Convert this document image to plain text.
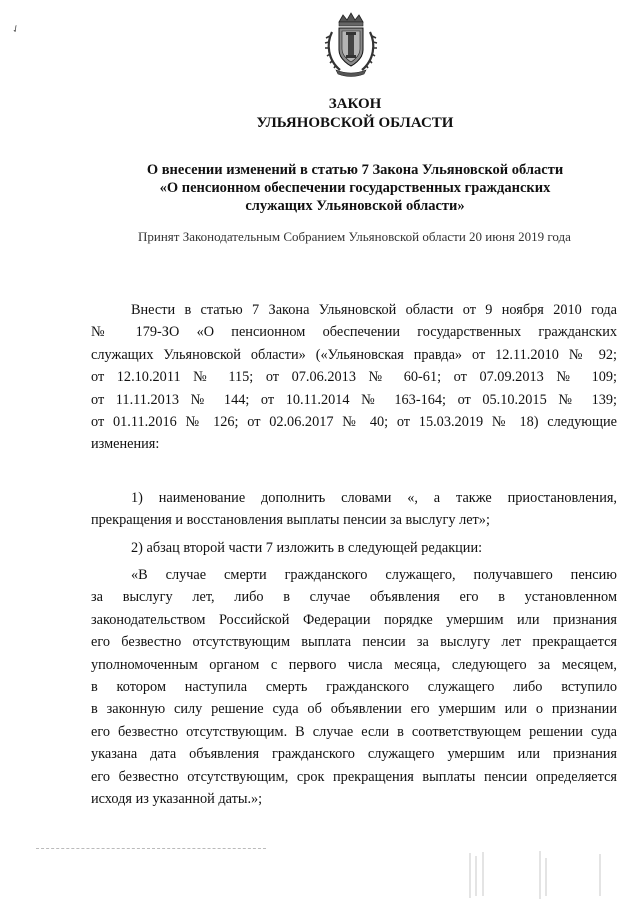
✓
ЗАКОН
УЛЬЯНОВСКОЙ ОБЛАСТИ
О внесении изменений в статью 7 Закона Ульяновской области
«О пенсионном обеспечении государственных гражданских
служащих Ульяновской области»
Принят Законодательным Собранием Ульяновской области 20 июня 2019 года
Внести в статью 7 Закона Ульяновской области от 9 ноября 2010 года
№ 179-ЗО «О пенсионном обеспечении государственных гражданских
служащих Ульяновской области» («Ульяновская правда» от 12.11.2010 № 92;
от 12.10.2011 № 115; от 07.06.2013 № 60-61; от 07.09.2013 № 109;
от 11.11.2013 № 144; от 10.11.2014 № 163-164; от 05.10.2015 № 139;
от 01.11.2016 № 126; от 02.06.2017 № 40; от 15.03.2019 № 18) следующие
изменения:
1) наименование дополнить словами «, а также приостановления,
прекращения и восстановления выплаты пенсии за выслугу лет»;
2) абзац второй части 7 изложить в следующей редакции:
«В случае смерти гражданского служащего, получавшего пенсию
за выслугу лет, либо в случае объявления его в установленном
законодательством Российской Федерации порядке умершим или признания
его безвестно отсутствующим выплата пенсии за выслугу лет прекращается
уполномоченным органом с первого числа месяца, следующего за месяцем,
в котором наступила смерть гражданского служащего либо вступило
в законную силу решение суда об объявлении его умершим или о признании
его безвестно отсутствующим. В случае если в соответствующем решении суда
указана дата объявления гражданского служащего умершим или признания
его безвестно отсутствующим, срок прекращения выплаты пенсии определяется
исходя из указанной даты.»;
